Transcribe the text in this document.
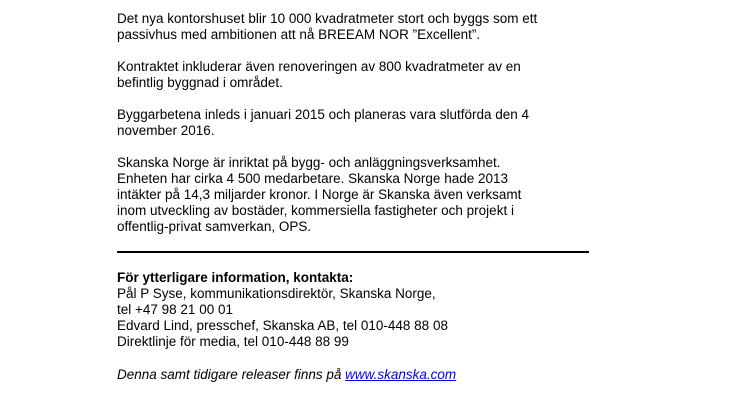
Det nya kontorshuset blir 10 000 kvadratmeter stort och byggs som ett
passivhus med ambitionen att nå BREEAM NOR ”Excellent”.
Kontraktet inkluderar även renoveringen av 800 kvadratmeter av en
befintlig byggnad i området.
Byggarbetena inleds i januari 2015 och planeras vara slutförda den 4
november 2016.
Skanska Norge är inriktat på bygg- och anläggningsverksamhet.
Enheten har cirka 4 500 medarbetare. Skanska Norge hade 2013
intäkter på 14,3 miljarder kronor. I Norge är Skanska även verksamt
inom utveckling av bostäder, kommersiella fastigheter och projekt i
offentlig-privat samverkan, OPS.
För ytterligare information, kontakta:
Pål P Syse, kommunikationsdirektör, Skanska Norge,
tel +47 98 21 00 01
Edvard Lind, presschef, Skanska AB, tel 010-448 88 08
Direktlinje för media, tel 010-448 88 99
Denna samt tidigare releaser finns på www.skanska.com
